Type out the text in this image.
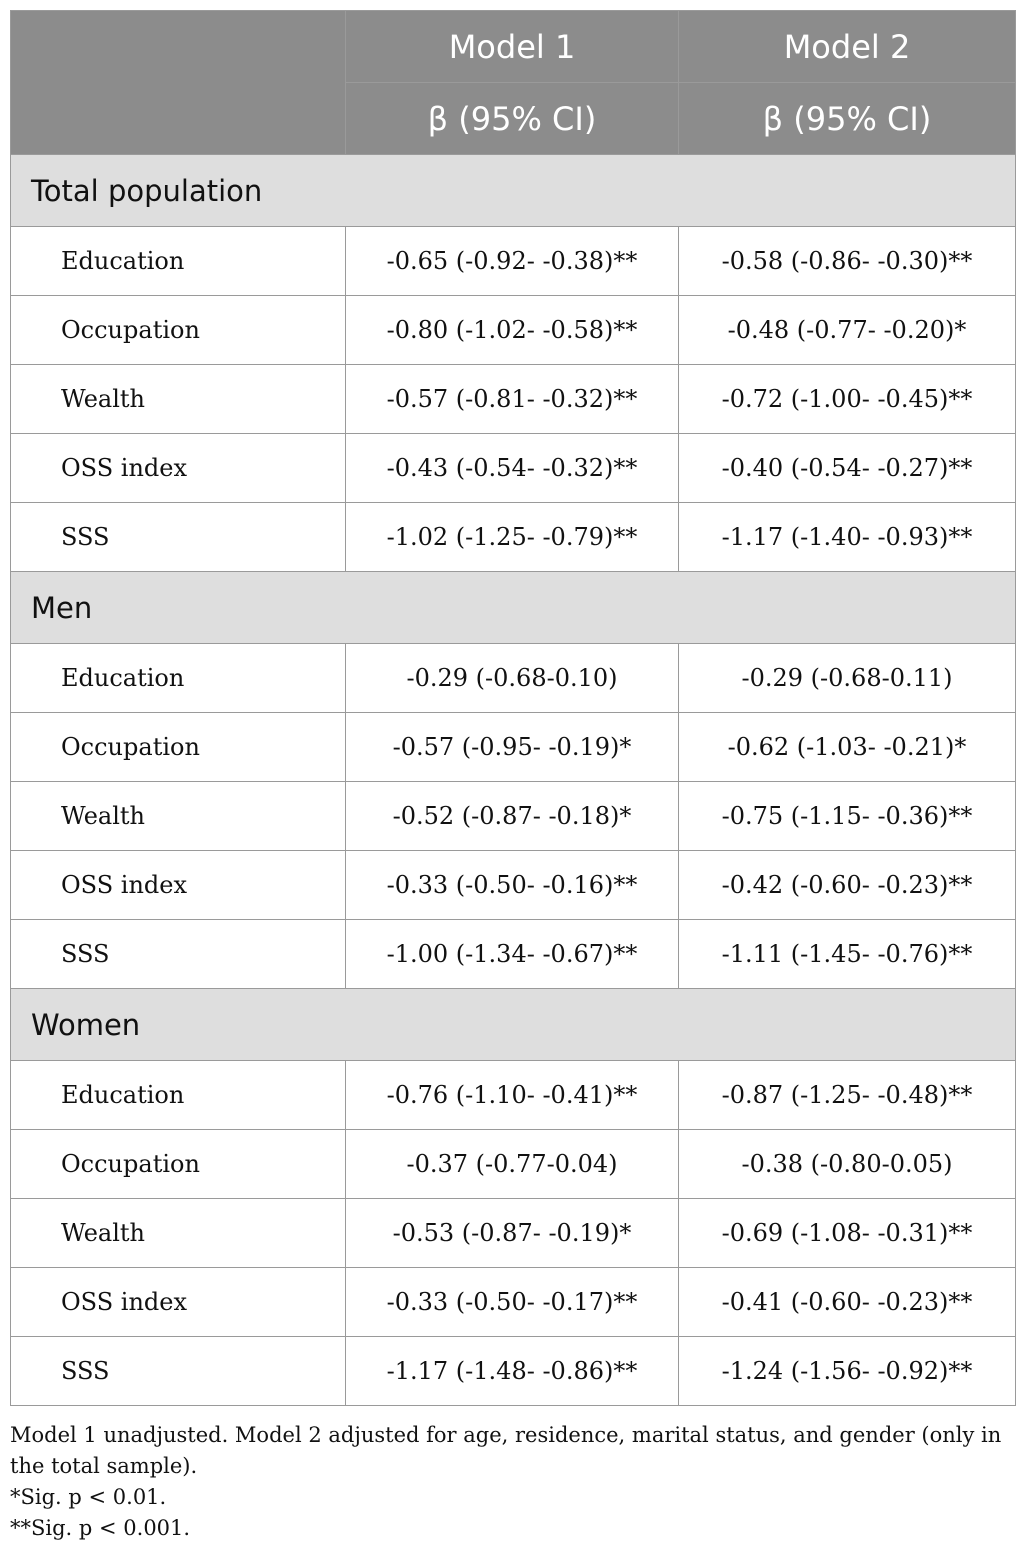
	Model 1	Model 2
	β (95% CI)	β (95% CI)
Total population		
Education	-0.65 (-0.92- -0.38)**	-0.58 (-0.86- -0.30)**
Occupation	-0.80 (-1.02- -0.58)**	-0.48 (-0.77- -0.20)*
Wealth	-0.57 (-0.81- -0.32)**	-0.72 (-1.00- -0.45)**
OSS index	-0.43 (-0.54- -0.32)**	-0.40 (-0.54- -0.27)**
SSS	-1.02 (-1.25- -0.79)**	-1.17 (-1.40- -0.93)**
Men		
Education	-0.29 (-0.68-0.10)	-0.29 (-0.68-0.11)
Occupation	-0.57 (-0.95- -0.19)*	-0.62 (-1.03- -0.21)*
Wealth	-0.52 (-0.87- -0.18)*	-0.75 (-1.15- -0.36)**
OSS index	-0.33 (-0.50- -0.16)**	-0.42 (-0.60- -0.23)**
SSS	-1.00 (-1.34- -0.67)**	-1.11 (-1.45- -0.76)**
Women		
Education	-0.76 (-1.10- -0.41)**	-0.87 (-1.25- -0.48)**
Occupation	-0.37 (-0.77-0.04)	-0.38 (-0.80-0.05)
Wealth	-0.53 (-0.87- -0.19)*	-0.69 (-1.08- -0.31)**
OSS index	-0.33 (-0.50- -0.17)**	-0.41 (-0.60- -0.23)**
SSS	-1.17 (-1.48- -0.86)**	-1.24 (-1.56- -0.92)**

Model 1 unadjusted. Model 2 adjusted for age, residence, marital status, and gender (only in the total sample).

*Sig. p < 0.01.

**Sig. p < 0.001.
